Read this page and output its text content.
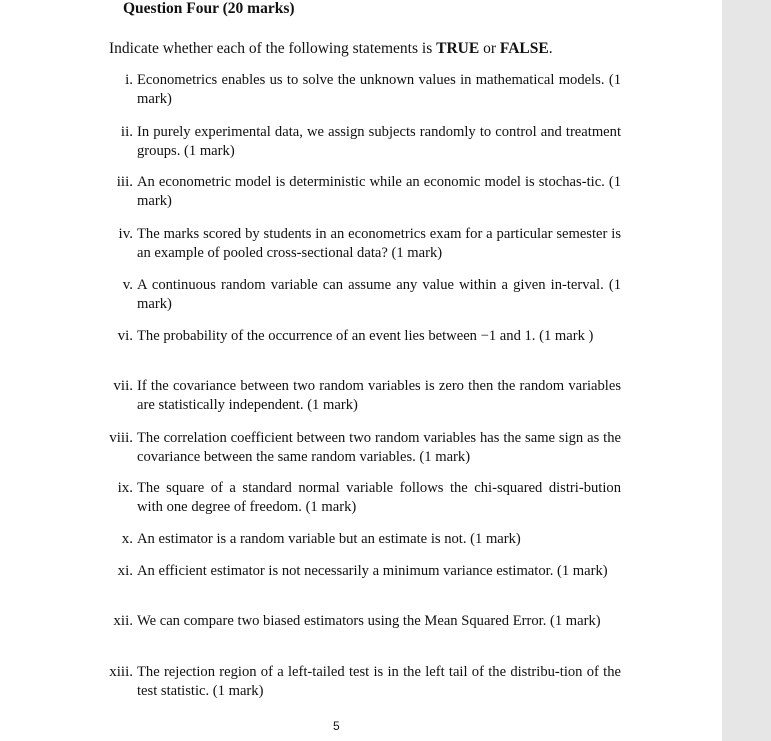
Question Four (20 marks)
Indicate whether each of the following statements is TRUE or FALSE.
i. Econometrics enables us to solve the unknown values in mathematical models. (1 mark)
ii. In purely experimental data, we assign subjects randomly to control and treatment groups. (1 mark)
iii. An econometric model is deterministic while an economic model is stochas-tic. (1 mark)
iv. The marks scored by students in an econometrics exam for a particular semester is an example of pooled cross-sectional data? (1 mark)
v. A continuous random variable can assume any value within a given in-terval. (1 mark)
vi. The probability of the occurrence of an event lies between −1 and 1. (1 mark )
vii. If the covariance between two random variables is zero then the random variables are statistically independent. (1 mark)
viii. The correlation coefficient between two random variables has the same sign as the covariance between the same random variables. (1 mark)
ix. The square of a standard normal variable follows the chi-squared distri-bution with one degree of freedom. (1 mark)
x. An estimator is a random variable but an estimate is not. (1 mark)
xi. An efficient estimator is not necessarily a minimum variance estimator. (1 mark)
xii. We can compare two biased estimators using the Mean Squared Error. (1 mark)
xiii. The rejection region of a left-tailed test is in the left tail of the distribu-tion of the test statistic. (1 mark)
5
